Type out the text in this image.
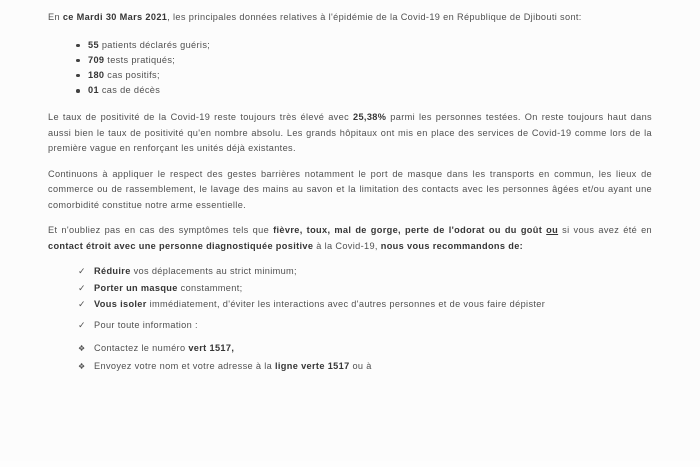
En ce Mardi 30 Mars 2021, les principales données relatives à l'épidémie de la Covid-19 en République de Djibouti sont:

55 patients déclarés guéris;
709 tests pratiqués;
180 cas positifs;
01 cas de décès

Le taux de positivité de la Covid-19 reste toujours très élevé avec 25,38% parmi les personnes testées. On reste toujours haut dans aussi bien le taux de positivité qu'en nombre absolu. Les grands hôpitaux ont mis en place des services de Covid-19 comme lors de la première vague en renforçant les unités déjà existantes.

Continuons à appliquer le respect des gestes barrières notamment le port de masque dans les transports en commun, les lieux de commerce ou de rassemblement, le lavage des mains au savon et la limitation des contacts avec les personnes âgées et/ou ayant une comorbidité constitue notre arme essentielle.

Et n'oubliez pas en cas des symptômes tels que fièvre, toux, mal de gorge, perte de l'odorat ou du goût ou si vous avez été en contact étroit avec une personne diagnostiquée positive à la Covid-19, nous vous recommandons de:

✓ Réduire vos déplacements au strict minimum;
✓ Porter un masque constamment;
✓ Vous isoler immédiatement, d'éviter les interactions avec d'autres personnes et de vous faire dépister
✓ Pour toute information :
❖ Contactez le numéro vert 1517,
❖ Envoyez votre nom et votre adresse à la ligne verte 1517 ou à
